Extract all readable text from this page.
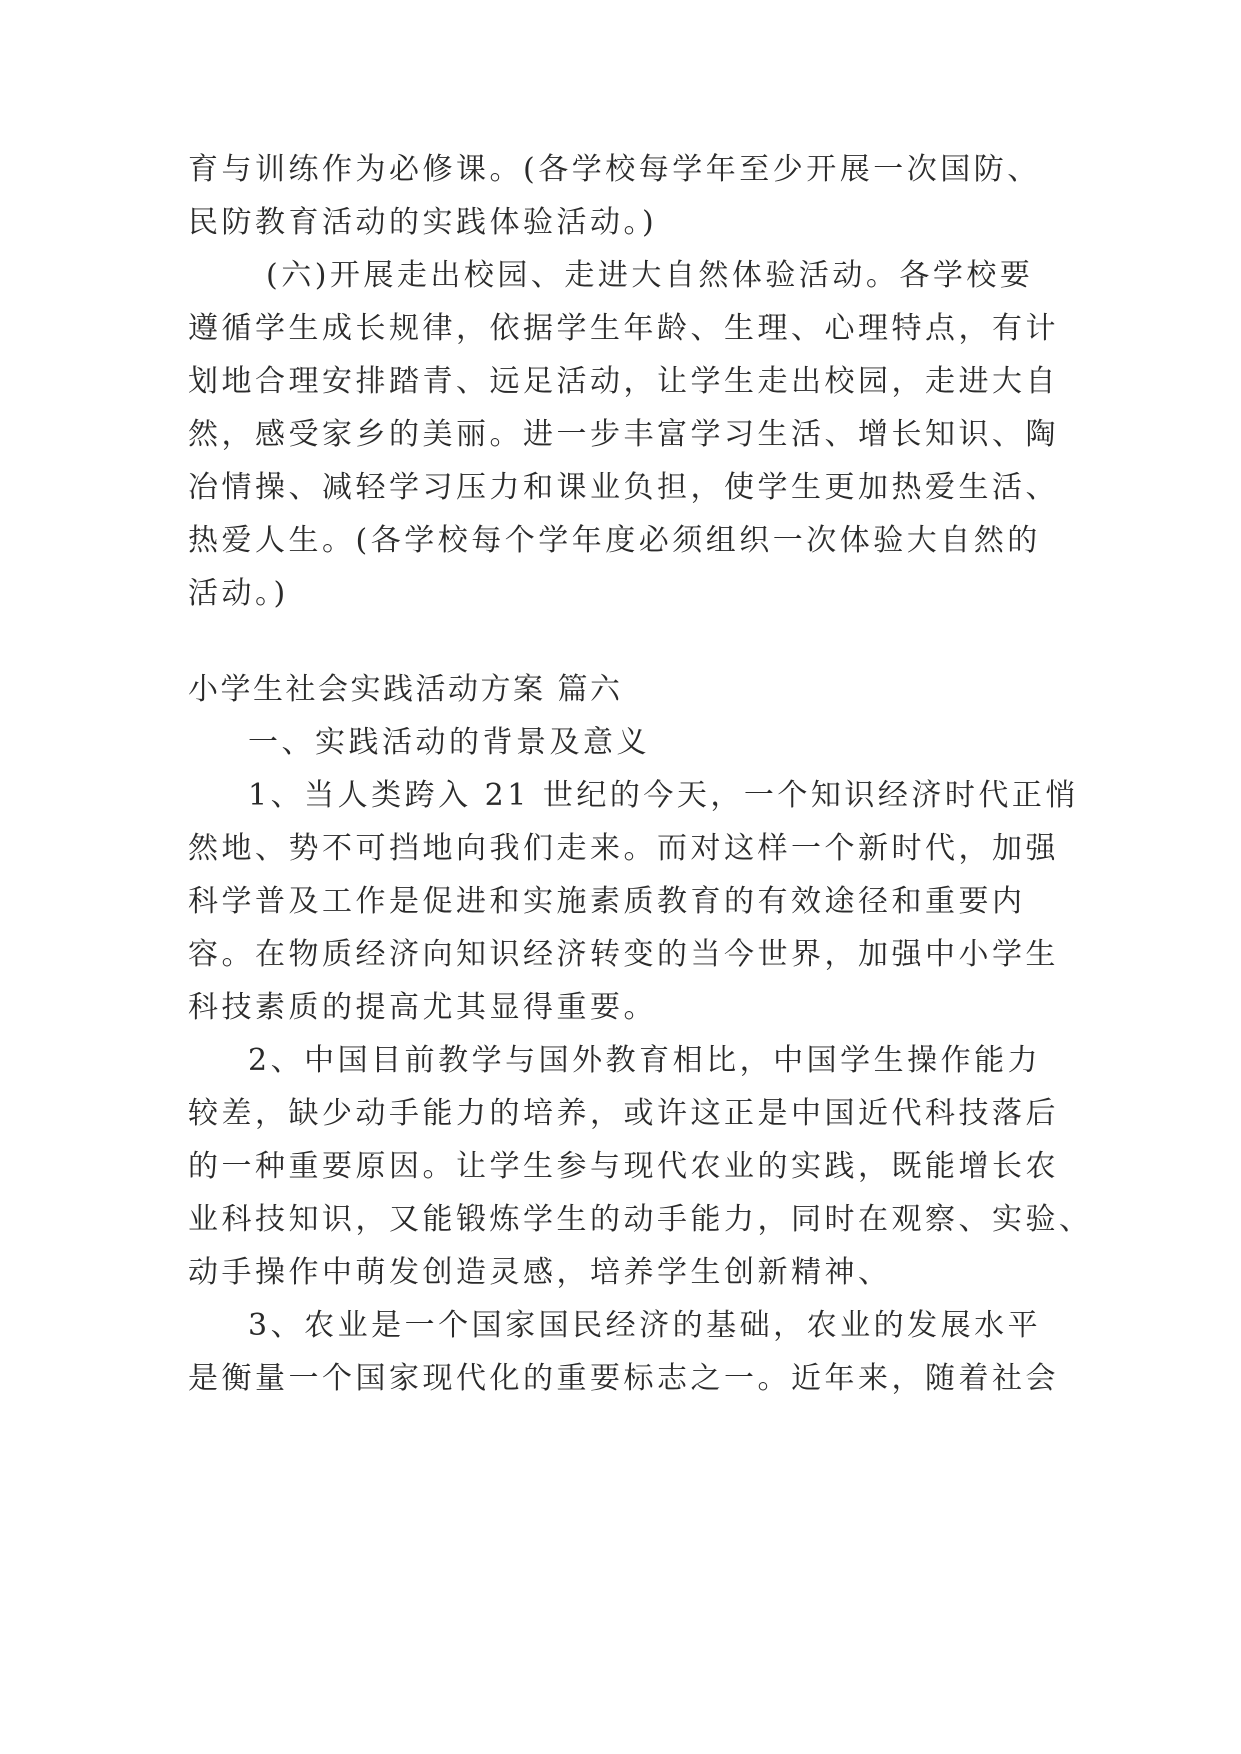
育与训练作为必修课。(各学校每学年至少开展一次国防、
民防教育活动的实践体验活动。)
(六)开展走出校园、走进大自然体验活动。各学校要
遵循学生成长规律，依据学生年龄、生理、心理特点，有计
划地合理安排踏青、远足活动，让学生走出校园，走进大自
然，感受家乡的美丽。进一步丰富学习生活、增长知识、陶
冶情操、减轻学习压力和课业负担，使学生更加热爱生活、
热爱人生。(各学校每个学年度必须组织一次体验大自然的
活动。)
小学生社会实践活动方案 篇六
一、实践活动的背景及意义
1、当人类跨入 21 世纪的今天，一个知识经济时代正悄
然地、势不可挡地向我们走来。而对这样一个新时代，加强
科学普及工作是促进和实施素质教育的有效途径和重要内
容。在物质经济向知识经济转变的当今世界，加强中小学生
科技素质的提高尤其显得重要。
2、中国目前教学与国外教育相比，中国学生操作能力
较差，缺少动手能力的培养，或许这正是中国近代科技落后
的一种重要原因。让学生参与现代农业的实践，既能增长农
业科技知识，又能锻炼学生的动手能力，同时在观察、实验、
动手操作中萌发创造灵感，培养学生创新精神、
3、农业是一个国家国民经济的基础，农业的发展水平
是衡量一个国家现代化的重要标志之一。近年来，随着社会
